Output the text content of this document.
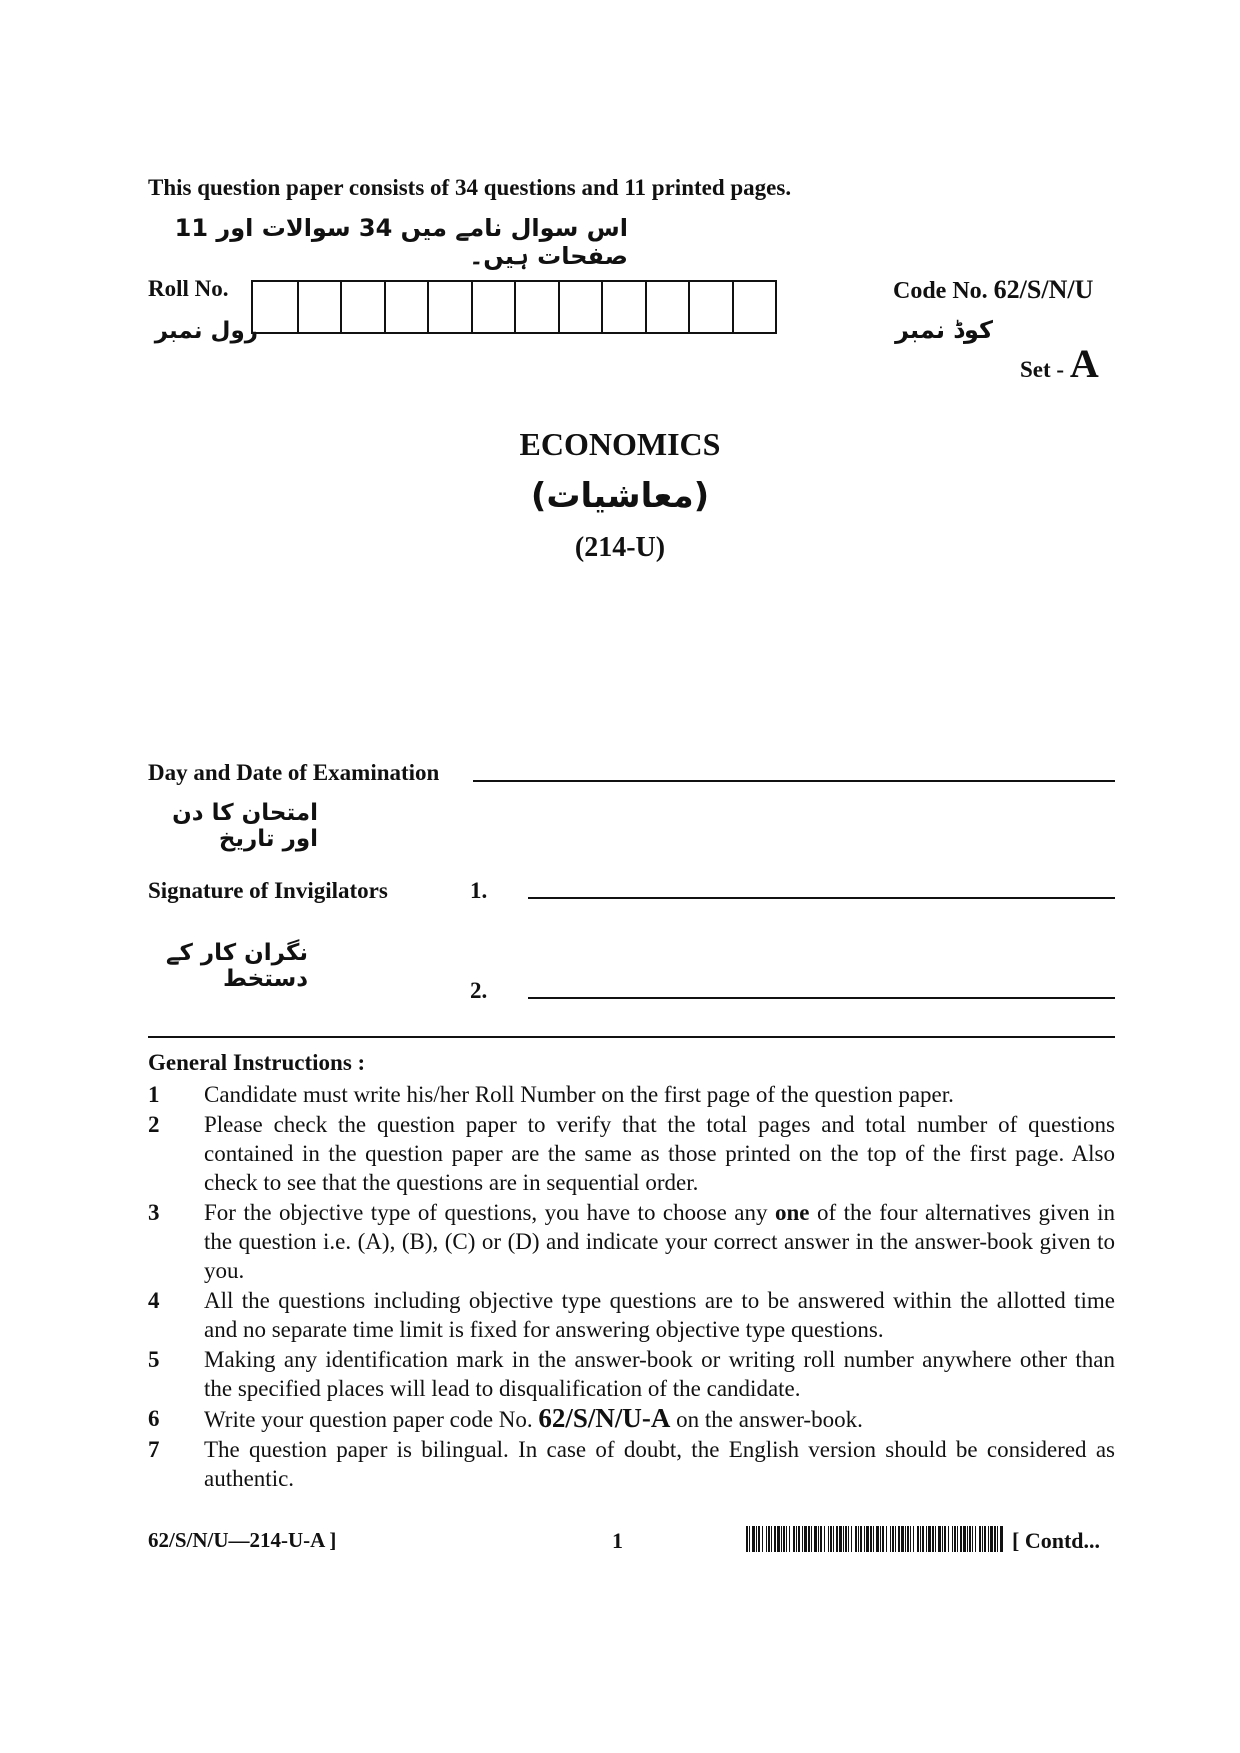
This question paper consists of 34 questions and 11 printed pages.
اس سوال نامے میں 34 سوالات اور 11 صفحات ہیں۔
Roll No.
رول نمبر
Code No. 62/S/N/U
کوڈ نمبر
Set - A
ECONOMICS
(معاشیات)
(214-U)
Day and Date of Examination
امتحان کا دن اور تاریخ
Signature of Invigilators	1.
نگران کار کے دستخط	2.
General Instructions :
1	Candidate must write his/her Roll Number on the first page of the question paper.
2	Please check the question paper to verify that the total pages and total number of questions contained in the question paper are the same as those printed on the top of the first page. Also check to see that the questions are in sequential order.
3	For the objective type of questions, you have to choose any one of the four alternatives given in the question i.e. (A), (B), (C) or (D) and indicate your correct answer in the answer-book given to you.
4	All the questions including objective type questions are to be answered within the allotted time and no separate time limit is fixed for answering objective type questions.
5	Making any identification mark in the answer-book or writing roll number anywhere other than the specified places will lead to disqualification of the candidate.
6	Write your question paper code No. 62/S/N/U-A on the answer-book.
7	The question paper is bilingual. In case of doubt, the English version should be considered as authentic.
62/S/N/U—214-U-A ]	1	[ Contd...
